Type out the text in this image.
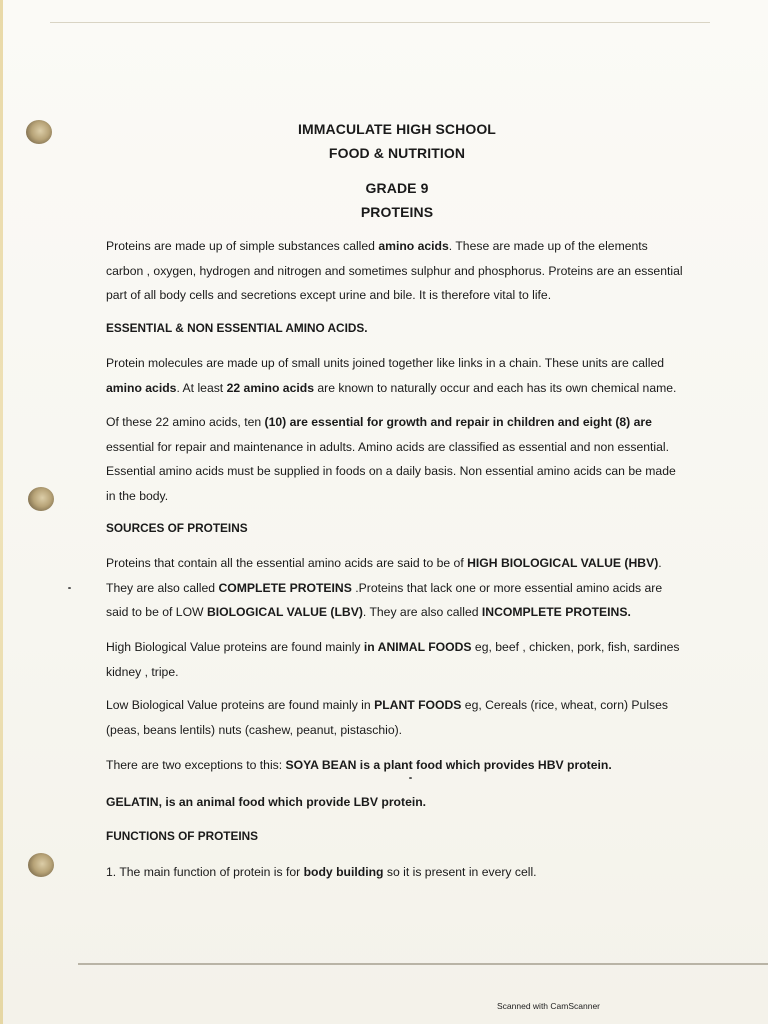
IMMACULATE HIGH SCHOOL
FOOD & NUTRITION
GRADE 9
PROTEINS
Proteins are made up of simple substances called amino acids. These are made up of the elements carbon , oxygen, hydrogen and nitrogen and sometimes sulphur and phosphorus. Proteins are an essential part of all body cells and secretions except urine and bile. It is therefore vital to life.
ESSENTIAL & NON ESSENTIAL AMINO ACIDS.
Protein molecules are made up of small units joined together like links in a chain. These units are called amino acids. At least 22 amino acids are known to naturally occur and each has its own chemical name.
Of these 22 amino acids, ten (10) are essential for growth and repair in children and eight (8) are essential for repair and maintenance in adults. Amino acids are classified as essential and non essential. Essential amino acids must be supplied in foods on a daily basis. Non essential amino acids can be made in the body.
SOURCES OF PROTEINS
Proteins that contain all the essential amino acids are said to be of HIGH BIOLOGICAL VALUE (HBV). They are also called COMPLETE PROTEINS .Proteins that lack one or more essential amino acids are said to be of LOW BIOLOGICAL VALUE (LBV). They are also called INCOMPLETE PROTEINS.
High Biological Value proteins are found mainly in ANIMAL FOODS eg, beef , chicken, pork, fish, sardines kidney , tripe.
Low Biological Value proteins are found mainly in PLANT FOODS eg, Cereals (rice, wheat, corn) Pulses (peas, beans lentils) nuts (cashew, peanut, pistaschio).
There are two exceptions to this: SOYA BEAN is a plant food which provides HBV protein.
GELATIN, is an animal food which provide LBV protein.
FUNCTIONS OF PROTEINS
1. The main function of protein is for body building so it is present in every cell.
Scanned with CamScanner
